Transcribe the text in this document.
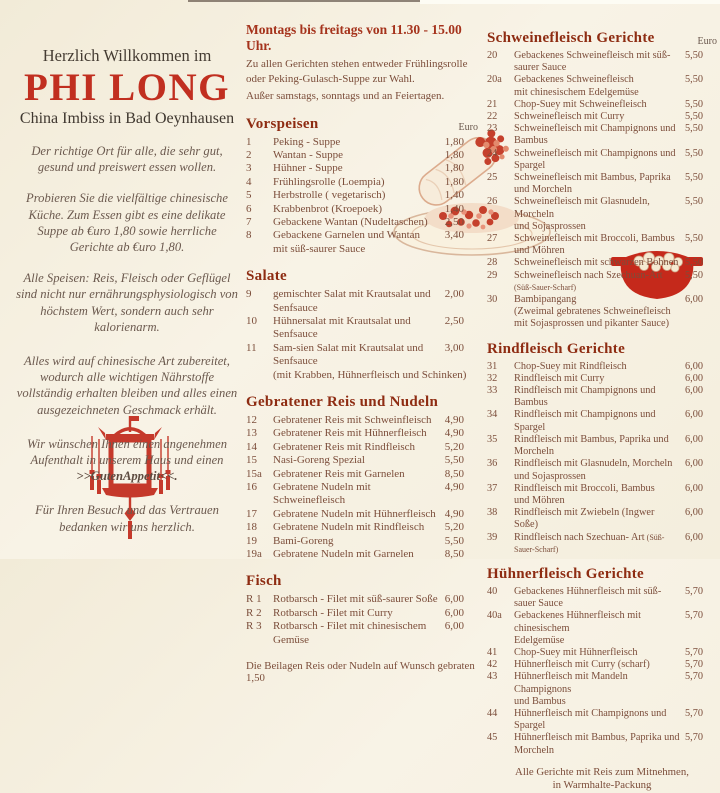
Herzlich Willkommen im
PHI LONG
China Imbiss in Bad Oeynhausen
Der richtige Ort für alle, die sehr gut, gesund und preiswert essen wollen.
Probieren Sie die vielfältige chinesische Küche. Zum Essen gibt es eine delikate Suppe ab €uro 1,80 sowie herrliche Gerichte ab €uro 1,80.
Alle Speisen: Reis, Fleisch oder Geflügel sind nicht nur ernährungsphysiologisch von höchstem Wert, sondern auch sehr kalorienarm.
Alles wird auf chinesische Art zubereitet, wodurch alle wichtigen Nährstoffe vollständig erhalten bleiben und alles einen ausgezeichneten Geschmack erhält.
Wir wünschen Ihnen einen angenehmen Aufenthalt in unserem Haus und einen >>GutenAppetit<<.
Für Ihren Besuch und das Vertrauen bedanken wir uns herzlich.
Montags bis freitags von 11.30 - 15.00 Uhr.
Zu allen Gerichten stehen entweder Frühlingsrolle oder Peking-Gulasch-Suppe zur Wahl.
Außer samstags, sonntags und an Feiertagen.
Vorspeisen	Euro
1	Peking - Suppe	1,80
2	Wantan - Suppe	1,80
3	Hühner - Suppe	1,80
4	Frühlingsrolle (Loempia)	1,80
5	Herbstrolle ( vegetarisch)	1,40
6	Krabbenbrot (Kroepoek)	1,40
7	Gebackene Wantan (Nudeltaschen)	2,50
8	Gebackene Garnelen und Wantan	3,40
mit süß-saurer Sauce
Salate
9	gemischter Salat mit Krautsalat und Senfsauce
2,00
10	Hühnersalat mit Krautsalat und Senfsauce
2,50
11	Sam-sien Salat mit Krautsalat und Senfsauce
3,00
(mit Krabben, Hühnerfleisch und Schinken)
Gebratener Reis und Nudeln
12	Gebratener Reis mit Schweinfleisch	4,90
13	Gebratener Reis mit Hühnerfleisch	4,90
14	Gebratener Reis mit Rindfleisch	5,20
15	Nasi-Goreng Spezial	5,50
15a	Gebratener Reis mit Garnelen	8,50
16	Gebratene Nudeln mit Schweinefleisch
4,90
17	Gebratene Nudeln mit Hühnerfleisch 4,90
18	Gebratene Nudeln mit Rindfleisch	5,20
19	Bami-Goreng	5,50
19a	Gebratene Nudeln mit Garnelen	8,50
Fisch
R 1	Rotbarsch - Filet mit süß-saurer Soße 6,00
R 2	Rotbarsch - Filet mit Curry	6,00
R 3	Rotbarsch - Filet mit chinesischem Gemüse
6,00
Die Beilagen Reis oder Nudeln auf Wunsch gebraten 1,50
Schweinefleisch Gerichte	Euro
20	Gebackenes Schweinefleisch mit süß-saurer Sauce
5,50
20a	Gebackenes Schweinefleisch	5,50
mit chinesischem Edelgemüse
21	Chop-Suey mit Schweinefleisch	5,50
22	Schweinefleisch mit Curry	5,50
23	Schweinefleisch mit Champignons und Bambus
5,50
24	Schweinefleisch mit Champignons und Spargel
5,50
25	Schweinefleisch mit Bambus, Paprika	5,50
und Morcheln
26	Schweinefleisch mit Glasnudeln, Morcheln
5,50
und Sojasprossen
27	Schweinefleisch mit Broccoli, Bambus 5,50
und Möhren
28	Schweinefleisch mit schwarzen Bohnen 5,50
29	Schweinefleisch nach Szechuan-Art (Süß-Sauer-Scharf)
5,50
30	Bambipangang	6,00
(Zweimal gebratenes Schweinefleisch
mit Sojasprossen und pikanter Sauce)
Rindfleisch Gerichte
31	Chop-Suey mit Rindfleisch	6,00
32	Rindfleisch mit Curry	6,00
33	Rindfleisch mit Champignons und Bambus
6,00
34	Rindfleisch mit Champignons und Spargel
6,00
35	Rindfleisch mit Bambus, Paprika und Morcheln
6,00
36	Rindfleisch mit Glasnudeln, Morcheln	6,00
und Sojasprossen
37	Rindfleisch mit Broccoli, Bambus	6,00
und Möhren
38	Rindfleisch mit Zwiebeln (Ingwer Soße)
6,00
39	Rindfleisch nach Szechuan- Art (Süß-Sauer-Scharf)
6,00
Hühnerfleisch Gerichte
40	Gebackenes Hühnerfleisch mit süß-sauer Sauce
5,70
40a	Gebackenes Hühnerfleisch mit chinesischem
5,70
Edelgemüse
41	Chop-Suey mit Hühnerfleisch	5,70
42	Hühnerfleisch mit Curry (scharf)	5,70
43	Hühnerfleisch mit Mandeln Champignons
5,70
und Bambus
44	Hühnerfleisch mit Champignons und Spargel
5,70
45	Hühnerfleisch mit Bambus, Paprika und Morcheln
5,70
Alle Gerichte mit Reis zum Mitnehmen,
in Warmhalte-Packung
